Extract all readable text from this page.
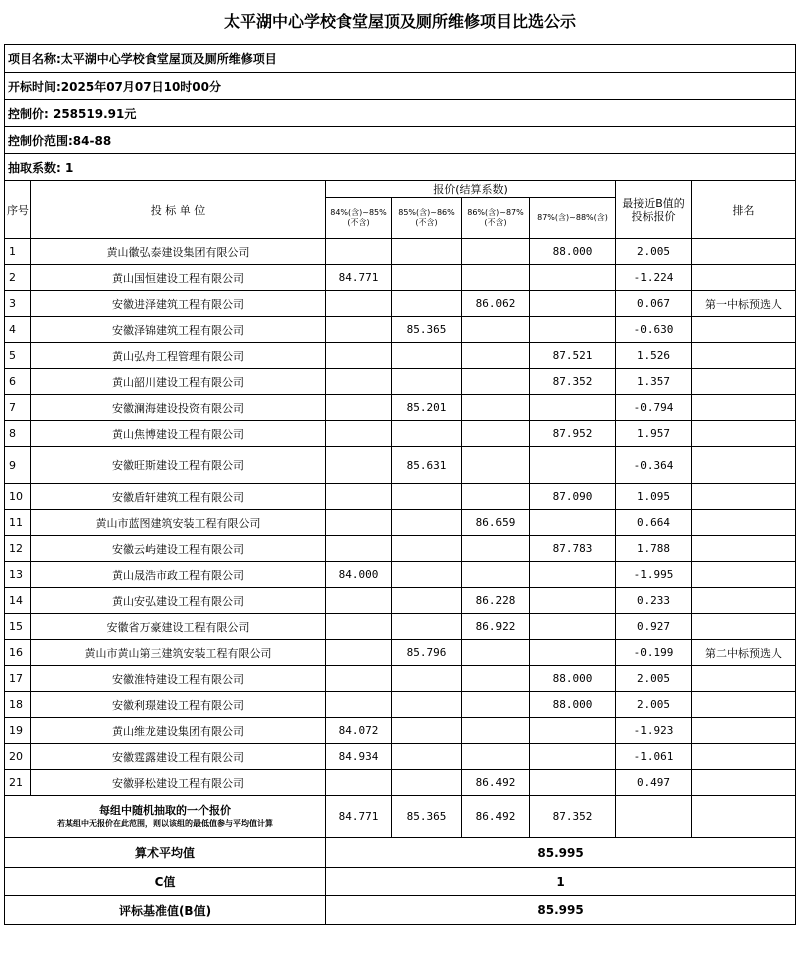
太平湖中心学校食堂屋顶及厕所维修项目比选公示
项目名称:太平湖中心学校食堂屋顶及厕所维修项目							
开标时间:2025年07月07日10时00分							
控制价: 258519.91元							
控制价范围:84-88							
抽取系数: 1							
序号	投 标 单 位	报价(结算系数)				最接近B值的投标报价	排名
		84%(含)~85%(不含)	85%(含)~86%(不含)	86%(含)~87%(不含)	87%(含)~88%(含)		
1	黄山徽弘泰建设集团有限公司				88.000	2.005	
2	黄山国恒建设工程有限公司	84.771				-1.224	
3	安徽进泽建筑工程有限公司			86.062		0.067	第一中标预选人
4	安徽泽锦建筑工程有限公司		85.365			-0.630	
5	黄山弘舟工程管理有限公司				87.521	1.526	
6	黄山韶川建设工程有限公司				87.352	1.357	
7	安徽澜海建设投资有限公司		85.201			-0.794	
8	黄山焦博建设工程有限公司				87.952	1.957	
9	安徽旺斯建设工程有限公司		85.631			-0.364	
10	安徽盾轩建筑工程有限公司				87.090	1.095	
11	黄山市蓝图建筑安装工程有限公司			86.659		0.664	
12	安徽云屿建设工程有限公司				87.783	1.788	
13	黄山晟浩市政工程有限公司	84.000				-1.995	
14	黄山安弘建设工程有限公司			86.228		0.233	
15	安徽省万豪建设工程有限公司			86.922		0.927	
16	黄山市黄山第三建筑安装工程有限公司		85.796			-0.199	第二中标预选人
17	安徽淮特建设工程有限公司				88.000	2.005	
18	安徽利璟建设工程有限公司				88.000	2.005	
19	黄山维龙建设集团有限公司	84.072				-1.923	
20	安徽霆露建设工程有限公司	84.934				-1.061	
21	安徽驿松建设工程有限公司			86.492		0.497	

每组中随机抽取的一个报价
若某组中无报价在此范围，则以该组的最低值参与平均值计算		84.771	85.365	86.492	87.352		
算术平均值		85.995					
C值		1					
评标基准值(B值)		85.995					
